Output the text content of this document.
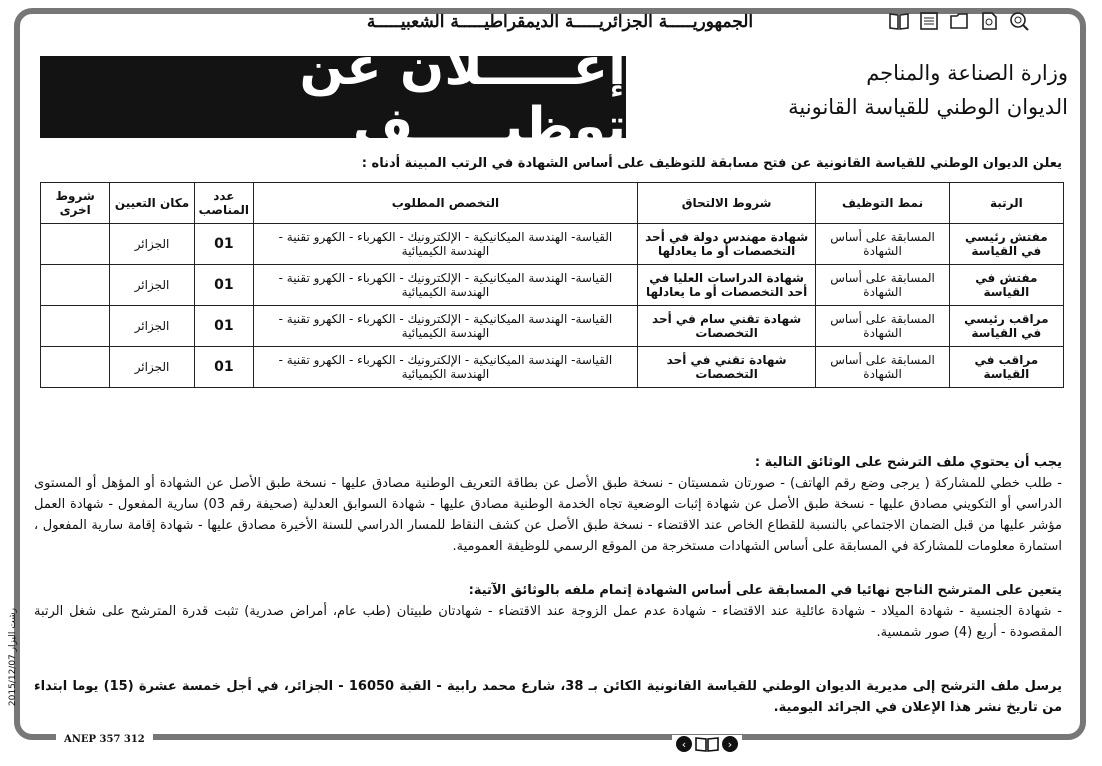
الجمهوريـــــة الجزائريـــــة الديمقراطيـــــة الشعبيـــــة
وزارة الصناعة والمناجم
الديوان الوطني للقياسة القانونية
إعـــــلان عن توظيـــــف
يعلن الديوان الوطني للقياسة القانونية عن فتح مسابقة للتوظيف على أساس الشهادة في الرتب المبينة أدناه :
الرتبة	نمط التوظيف	شروط الالتحاق	التخصص المطلوب	عدد المناصب	مكان التعيين	شروط اخرى
مفتش رئيسي في القياسة	المسابقة على أساس الشهادة	شهادة مهندس دولة في أحد التخصصات أو ما يعادلها	القياسة- الهندسة الميكانيكية - الإلكترونيك - الكهرباء - الكهرو تقنية - الهندسة الكيميائية	01	الجزائر	
مفتش في القياسة	المسابقة على أساس الشهادة	شهادة الدراسات العليا في أحد التخصصات أو ما يعادلها	القياسة- الهندسة الميكانيكية - الإلكترونيك - الكهرباء - الكهرو تقنية - الهندسة الكيميائية	01	الجزائر	
مراقب رئيسي في القياسة	المسابقة على أساس الشهادة	شهادة تقني سام في أحد التخصصات	القياسة- الهندسة الميكانيكية - الإلكترونيك - الكهرباء - الكهرو تقنية - الهندسة الكيميائية	01	الجزائر	
مراقب في القياسة	المسابقة على أساس الشهادة	شهادة تقني في أحد التخصصات	القياسة- الهندسة الميكانيكية - الإلكترونيك - الكهرباء - الكهرو تقنية - الهندسة الكيميائية	01	الجزائر	
يجب أن يحتوي ملف الترشح على الوثائق التالية :
- طلب خطي للمشاركة ( يرجى وضع رقم الهاتف) - صورتان شمسيتان - نسخة طبق الأصل عن بطاقة التعريف الوطنية مصادق عليها - نسخة طبق الأصل عن الشهادة أو المؤهل أو المستوى الدراسي أو التكويني مصادق عليها - نسخة طبق الأصل عن شهادة إثبات الوضعية تجاه الخدمة الوطنية مصادق عليها - شهادة السوابق العدلية (صحيفة رقم 03) سارية المفعول - شهادة العمل مؤشر عليها من قبل الضمان الاجتماعي بالنسبة للقطاع الخاص عند الاقتضاء - نسخة طبق الأصل عن كشف النقاط للمسار الدراسي للسنة الأخيرة مصادق عليها - شهادة إقامة سارية المفعول ، استمارة معلومات للمشاركة في المسابقة على أساس الشهادات مستخرجة من الموقع الرسمي للوظيفة العمومية.
يتعين على المترشح الناجح نهائيا في المسابقة على أساس الشهادة إتمام ملفه بالوثائق الآتية:
- شهادة الجنسية - شهادة الميلاد - شهادة عائلية عند الاقتضاء - شهادة عدم عمل الزوجة عند الاقتضاء - شهادتان طبيتان (طب عام، أمراض صدرية) تثبت قدرة المترشح على شغل الرتبة المقصودة - أربع (4) صور شمسية.
يرسل ملف الترشح إلى مديرية الديوان الوطني للقياسة القانونية الكائن بـ 38، شارع محمد رابية - القبة 16050 - الجزائر، في أجل خمسة عشرة (15) يوما ابتداء من تاريخ نشر هذا الإعلان في الجرائد اليومية.
رشت اليزار 2015/12/07
ANEP 357 312	‹	›
